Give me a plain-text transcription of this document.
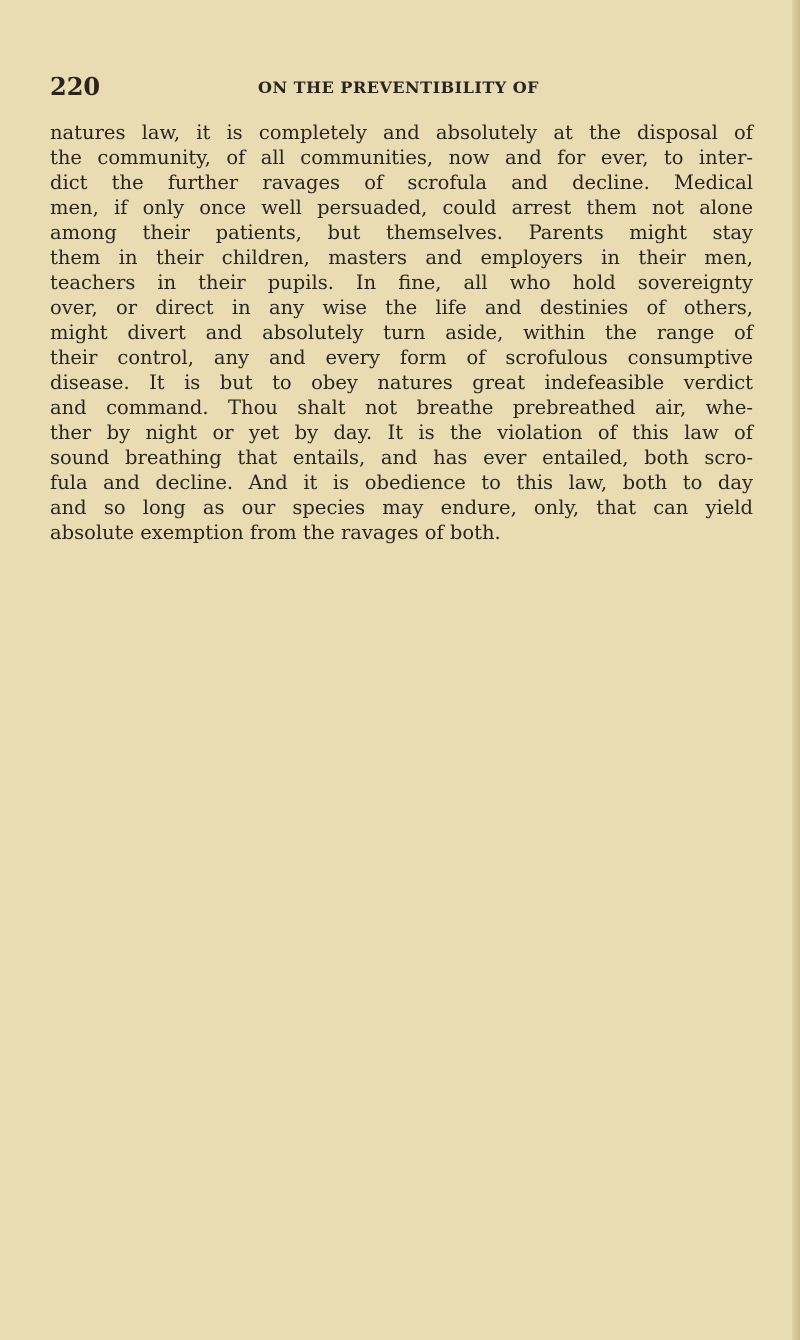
220	ON THE PREVENTIBILITY OF
natures law, it is completely and absolutely at the disposal of
the community, of all communities, now and for ever, to inter-
dict the further ravages of scrofula and decline. Medical
men, if only once well persuaded, could arrest them not alone
among their patients, but themselves. Parents might stay
them in their children, masters and employers in their men,
teachers in their pupils. In fine, all who hold sovereignty
over, or direct in any wise the life and destinies of others,
might divert and absolutely turn aside, within the range of
their control, any and every form of scrofulous consumptive
disease. It is but to obey natures great indefeasible verdict
and command. Thou shalt not breathe prebreathed air, whe-
ther by night or yet by day. It is the violation of this law of
sound breathing that entails, and has ever entailed, both scro-
fula and decline. And it is obedience to this law, both to day
and so long as our species may endure, only, that can yield
absolute exemption from the ravages of both.
